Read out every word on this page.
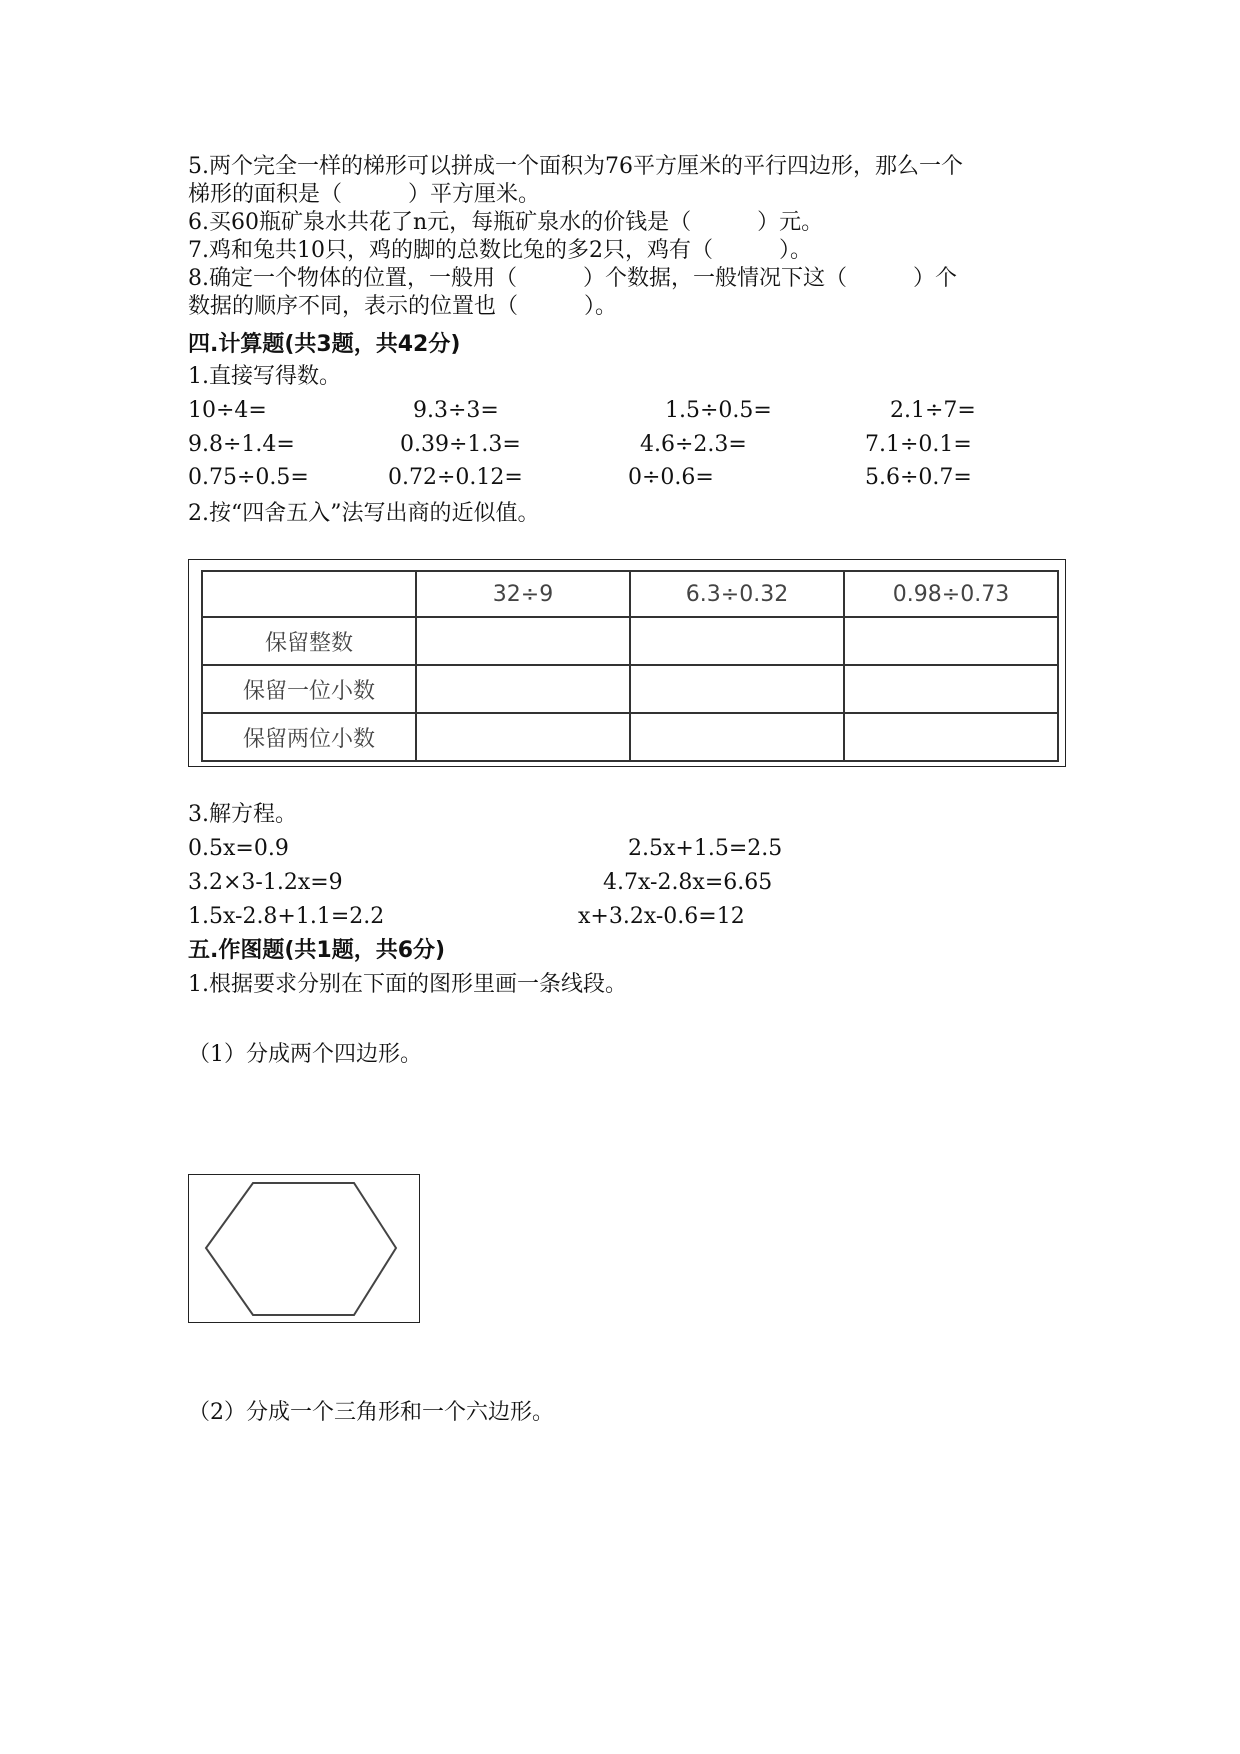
5.两个完全一样的梯形可以拼成一个面积为76平方厘米的平行四边形，那么一个
梯形的面积是（　　　）平方厘米。
6.买60瓶矿泉水共花了n元，每瓶矿泉水的价钱是（　　　）元。
7.鸡和兔共10只，鸡的脚的总数比兔的多2只，鸡有（　　　）。
8.确定一个物体的位置，一般用（　　　）个数据，一般情况下这（　　　）个
数据的顺序不同，表示的位置也（　　　）。
四.计算题(共3题，共42分)
1.直接写得数。
10÷4=	9.3÷3=	1.5÷0.5=	2.1÷7=
9.8÷1.4=	0.39÷1.3=	4.6÷2.3=	7.1÷0.1=
0.75÷0.5=	0.72÷0.12=	0÷0.6=	5.6÷0.7=
2.按“四舍五入”法写出商的近似值。
	32÷9	6.3÷0.32	0.98÷0.73
保留整数			
保留一位小数			
保留两位小数			
3.解方程。
0.5x=0.9	2.5x+1.5=2.5
3.2×3-1.2x=9	4.7x-2.8x=6.65
1.5x-2.8+1.1=2.2	x+3.2x-0.6=12
五.作图题(共1题，共6分)
1.根据要求分别在下面的图形里画一条线段。
（1）分成两个四边形。
（2）分成一个三角形和一个六边形。
